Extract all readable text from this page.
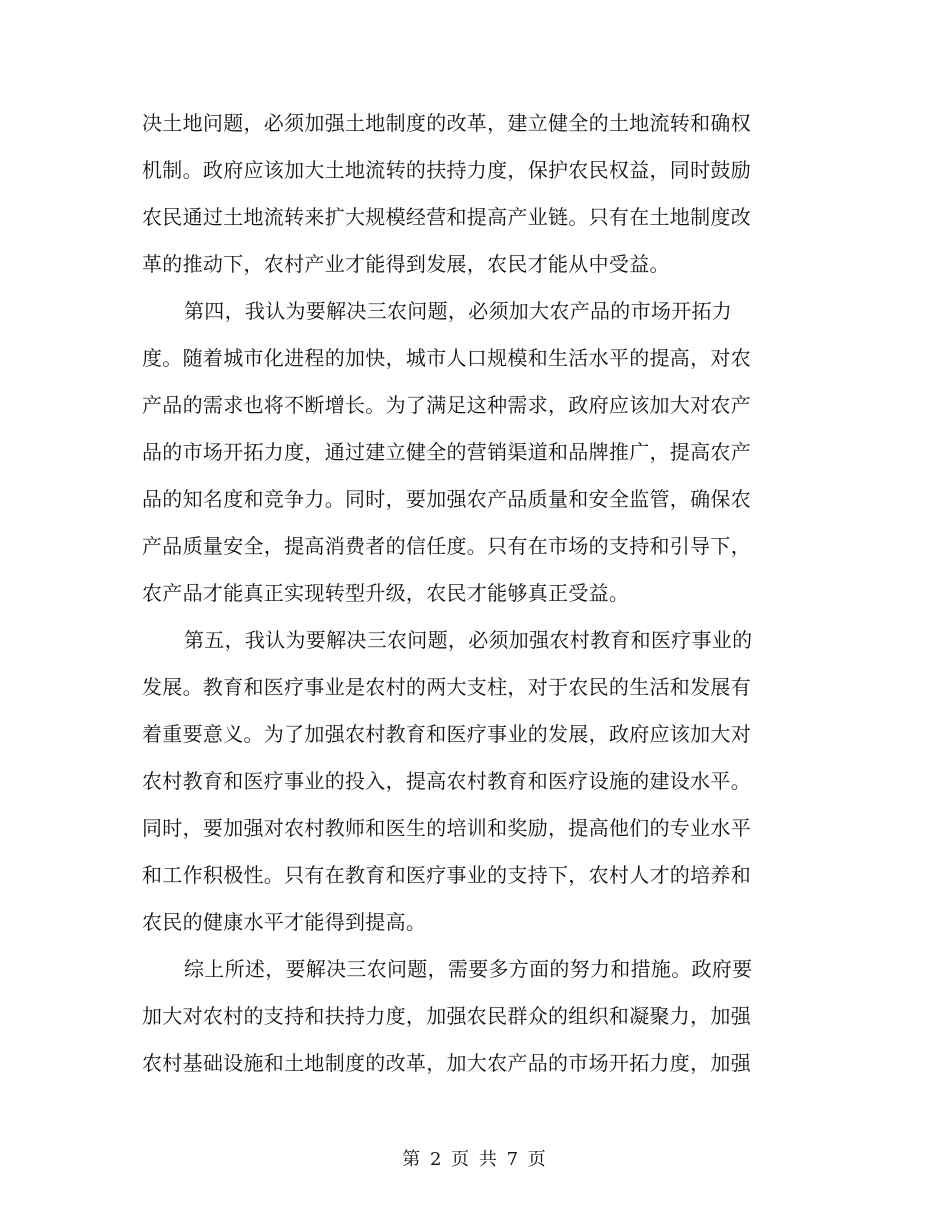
决土地问题，必须加强土地制度的改革，建立健全的土地流转和确权
机制。政府应该加大土地流转的扶持力度，保护农民权益，同时鼓励
农民通过土地流转来扩大规模经营和提高产业链。只有在土地制度改
革的推动下，农村产业才能得到发展，农民才能从中受益。
第四，我认为要解决三农问题，必须加大农产品的市场开拓力
度。随着城市化进程的加快，城市人口规模和生活水平的提高，对农
产品的需求也将不断增长。为了满足这种需求，政府应该加大对农产
品的市场开拓力度，通过建立健全的营销渠道和品牌推广，提高农产
品的知名度和竞争力。同时，要加强农产品质量和安全监管，确保农
产品质量安全，提高消费者的信任度。只有在市场的支持和引导下，
农产品才能真正实现转型升级，农民才能够真正受益。
第五，我认为要解决三农问题，必须加强农村教育和医疗事业的
发展。教育和医疗事业是农村的两大支柱，对于农民的生活和发展有
着重要意义。为了加强农村教育和医疗事业的发展，政府应该加大对
农村教育和医疗事业的投入，提高农村教育和医疗设施的建设水平。
同时，要加强对农村教师和医生的培训和奖励，提高他们的专业水平
和工作积极性。只有在教育和医疗事业的支持下，农村人才的培养和
农民的健康水平才能得到提高。
综上所述，要解决三农问题，需要多方面的努力和措施。政府要
加大对农村的支持和扶持力度，加强农民群众的组织和凝聚力，加强
农村基础设施和土地制度的改革，加大农产品的市场开拓力度，加强
第 2 页 共 7 页
